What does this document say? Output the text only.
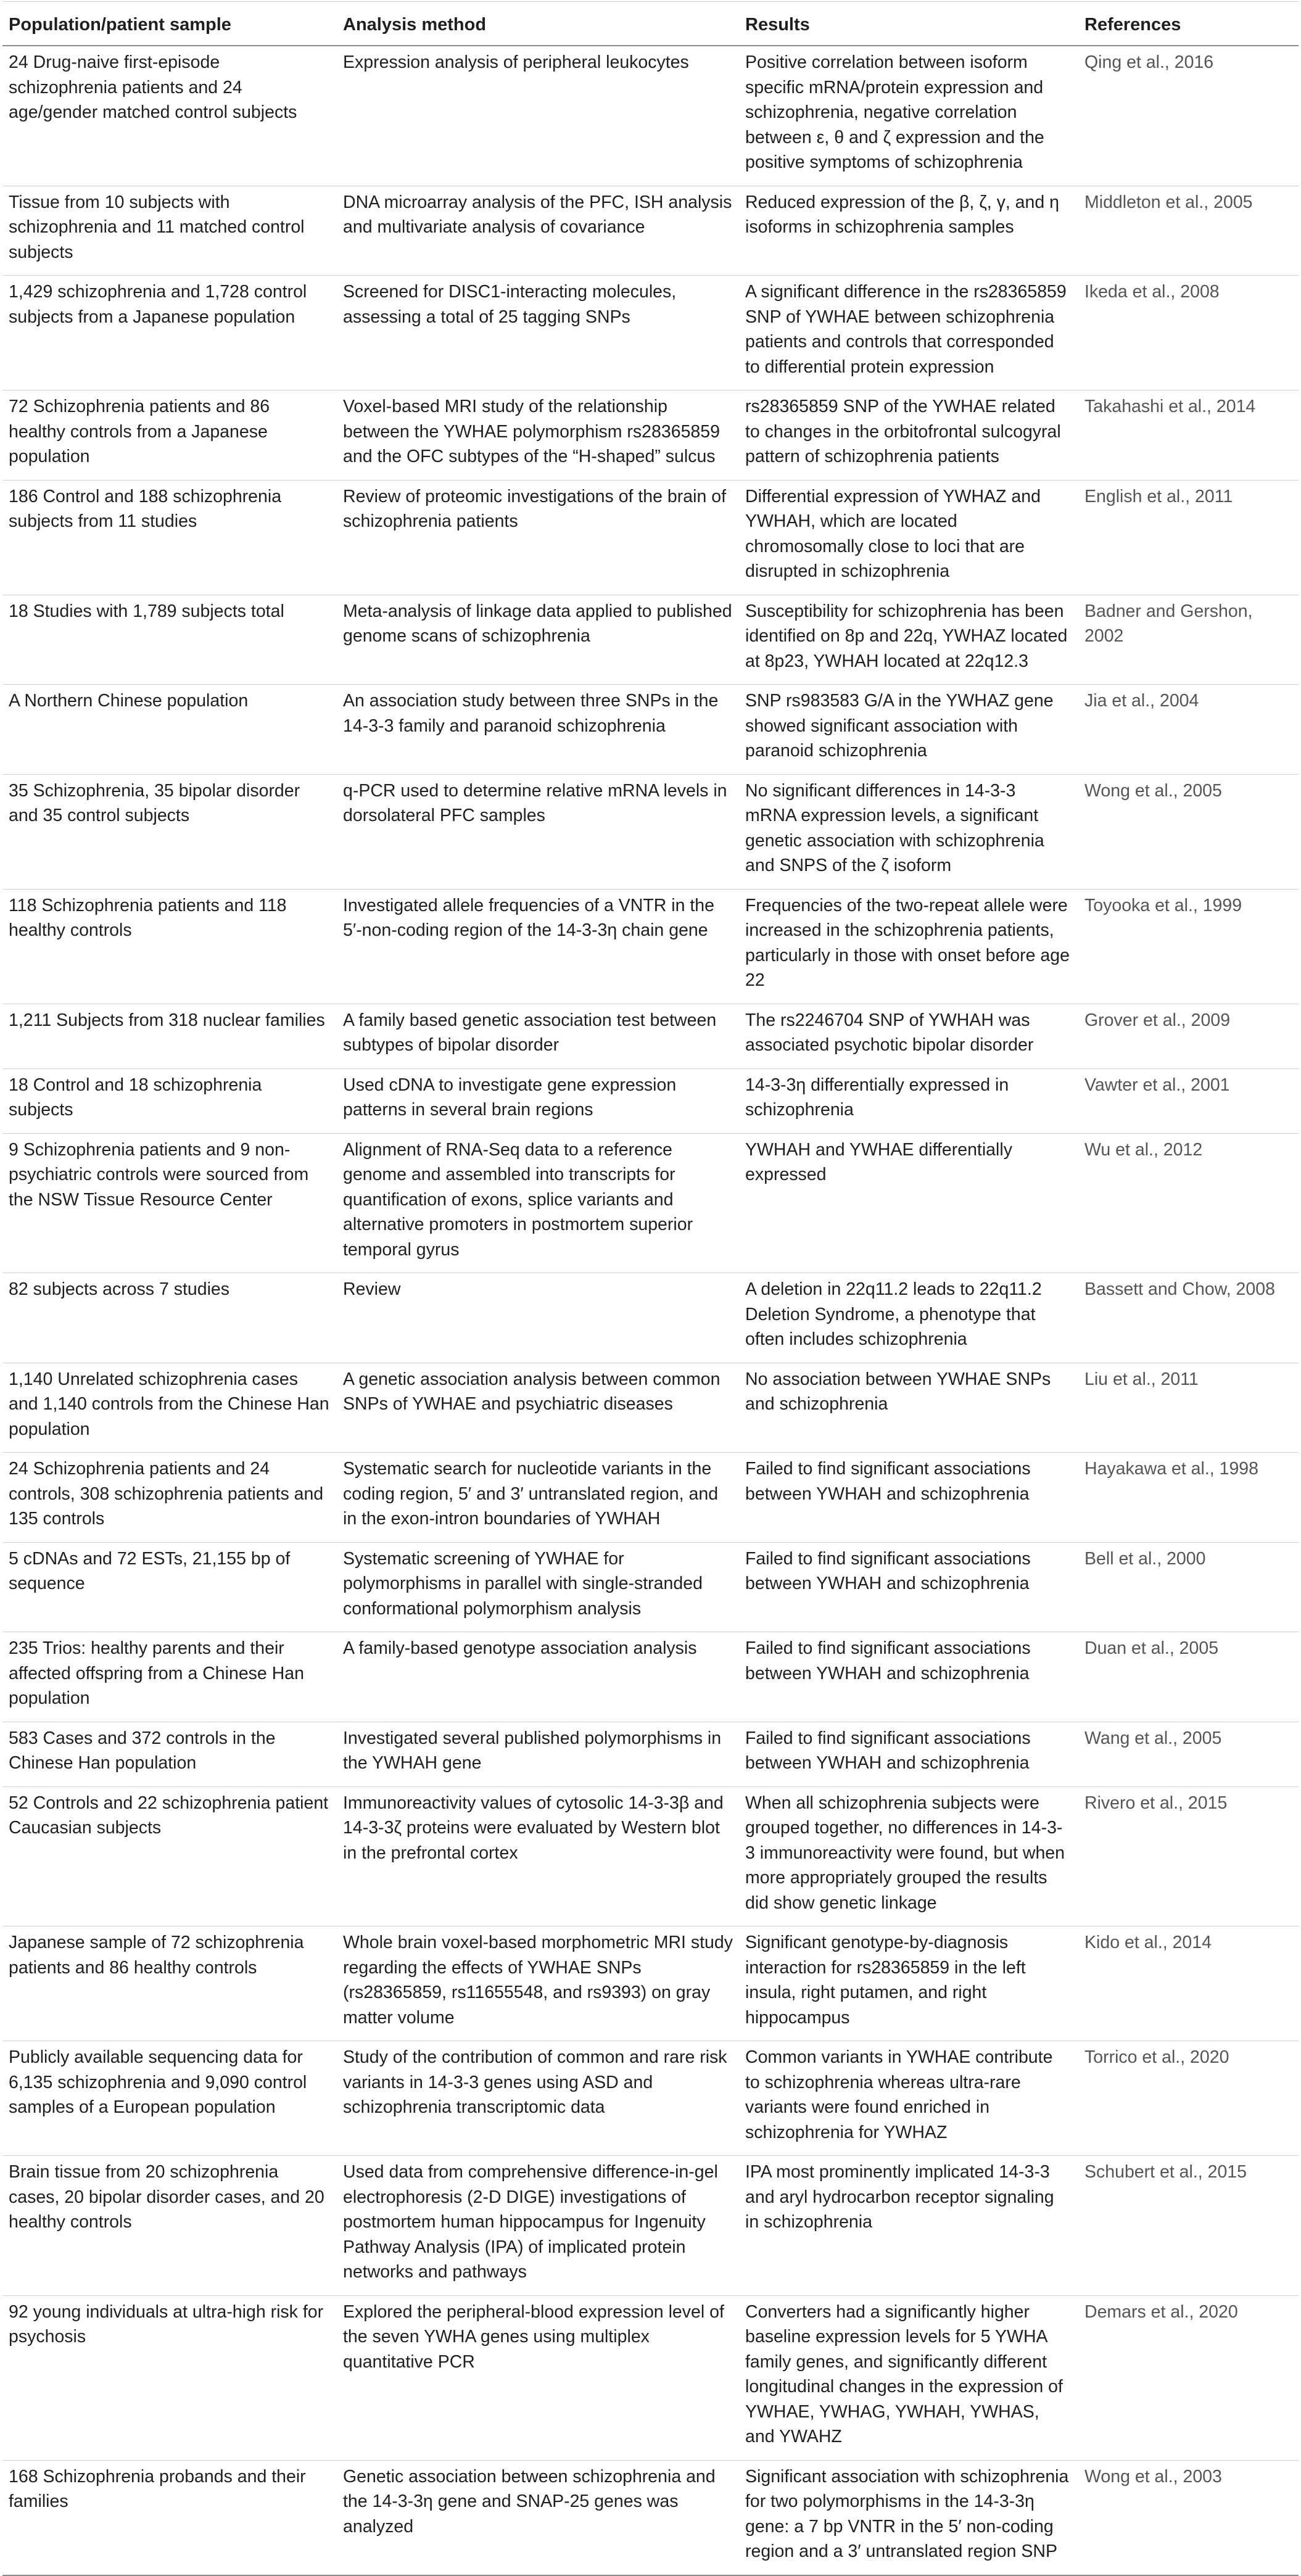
Population/patient sample	Analysis method	Results	References
24 Drug-naive first-episode schizophrenia patients and 24 age/gender matched control subjects	Expression analysis of peripheral leukocytes	Positive correlation between isoform specific mRNA/protein expression and schizophrenia, negative correlation between ε, θ and ζ expression and the positive symptoms of schizophrenia	Qing et al., 2016
Tissue from 10 subjects with schizophrenia and 11 matched control subjects	DNA microarray analysis of the PFC, ISH analysis and multivariate analysis of covariance	Reduced expression of the β, ζ, γ, and η isoforms in schizophrenia samples	Middleton et al., 2005
1,429 schizophrenia and 1,728 control subjects from a Japanese population	Screened for DISC1-interacting molecules, assessing a total of 25 tagging SNPs	A significant difference in the rs28365859 SNP of YWHAE between schizophrenia patients and controls that corresponded to differential protein expression	Ikeda et al., 2008
72 Schizophrenia patients and 86 healthy controls from a Japanese population	Voxel-based MRI study of the relationship between the YWHAE polymorphism rs28365859 and the OFC subtypes of the “H-shaped” sulcus	rs28365859 SNP of the YWHAE related to changes in the orbitofrontal sulcogyral pattern of schizophrenia patients	Takahashi et al., 2014
186 Control and 188 schizophrenia subjects from 11 studies	Review of proteomic investigations of the brain of schizophrenia patients	Differential expression of YWHAZ and YWHAH, which are located chromosomally close to loci that are disrupted in schizophrenia	English et al., 2011
18 Studies with 1,789 subjects total	Meta-analysis of linkage data applied to published genome scans of schizophrenia	Susceptibility for schizophrenia has been identified on 8p and 22q, YWHAZ located at 8p23, YWHAH located at 22q12.3	Badner and Gershon, 2002
A Northern Chinese population	An association study between three SNPs in the 14-3-3 family and paranoid schizophrenia	SNP rs983583 G/A in the YWHAZ gene showed significant association with paranoid schizophrenia	Jia et al., 2004
35 Schizophrenia, 35 bipolar disorder and 35 control subjects	q-PCR used to determine relative mRNA levels in dorsolateral PFC samples	No significant differences in 14-3-3 mRNA expression levels, a significant genetic association with schizophrenia and SNPS of the ζ isoform	Wong et al., 2005
118 Schizophrenia patients and 118 healthy controls	Investigated allele frequencies of a VNTR in the 5′-non-coding region of the 14-3-3η chain gene	Frequencies of the two-repeat allele were increased in the schizophrenia patients, particularly in those with onset before age 22	Toyooka et al., 1999
1,211 Subjects from 318 nuclear families	A family based genetic association test between subtypes of bipolar disorder	The rs2246704 SNP of YWHAH was associated psychotic bipolar disorder	Grover et al., 2009
18 Control and 18 schizophrenia subjects	Used cDNA to investigate gene expression patterns in several brain regions	14-3-3η differentially expressed in schizophrenia	Vawter et al., 2001
9 Schizophrenia patients and 9 non-psychiatric controls were sourced from the NSW Tissue Resource Center	Alignment of RNA-Seq data to a reference genome and assembled into transcripts for quantification of exons, splice variants and alternative promoters in postmortem superior temporal gyrus	YWHAH and YWHAE differentially expressed	Wu et al., 2012
82 subjects across 7 studies	Review	A deletion in 22q11.2 leads to 22q11.2 Deletion Syndrome, a phenotype that often includes schizophrenia	Bassett and Chow, 2008
1,140 Unrelated schizophrenia cases and 1,140 controls from the Chinese Han population	A genetic association analysis between common SNPs of YWHAE and psychiatric diseases	No association between YWHAE SNPs and schizophrenia	Liu et al., 2011
24 Schizophrenia patients and 24 controls, 308 schizophrenia patients and 135 controls	Systematic search for nucleotide variants in the coding region, 5′ and 3′ untranslated region, and in the exon-intron boundaries of YWHAH	Failed to find significant associations between YWHAH and schizophrenia	Hayakawa et al., 1998
5 cDNAs and 72 ESTs, 21,155 bp of sequence	Systematic screening of YWHAE for polymorphisms in parallel with single-stranded conformational polymorphism analysis	Failed to find significant associations between YWHAH and schizophrenia	Bell et al., 2000
235 Trios: healthy parents and their affected offspring from a Chinese Han population	A family-based genotype association analysis	Failed to find significant associations between YWHAH and schizophrenia	Duan et al., 2005
583 Cases and 372 controls in the Chinese Han population	Investigated several published polymorphisms in the YWHAH gene	Failed to find significant associations between YWHAH and schizophrenia	Wang et al., 2005
52 Controls and 22 schizophrenia patient Caucasian subjects	Immunoreactivity values of cytosolic 14-3-3β and 14-3-3ζ proteins were evaluated by Western blot in the prefrontal cortex	When all schizophrenia subjects were grouped together, no differences in 14-3-3 immunoreactivity were found, but when more appropriately grouped the results did show genetic linkage	Rivero et al., 2015
Japanese sample of 72 schizophrenia patients and 86 healthy controls	Whole brain voxel-based morphometric MRI study regarding the effects of YWHAE SNPs (rs28365859, rs11655548, and rs9393) on gray matter volume	Significant genotype-by-diagnosis interaction for rs28365859 in the left insula, right putamen, and right hippocampus	Kido et al., 2014
Publicly available sequencing data for 6,135 schizophrenia and 9,090 control samples of a European population	Study of the contribution of common and rare risk variants in 14-3-3 genes using ASD and schizophrenia transcriptomic data	Common variants in YWHAE contribute to schizophrenia whereas ultra-rare variants were found enriched in schizophrenia for YWHAZ	Torrico et al., 2020
Brain tissue from 20 schizophrenia cases, 20 bipolar disorder cases, and 20 healthy controls	Used data from comprehensive difference-in-gel electrophoresis (2-D DIGE) investigations of postmortem human hippocampus for Ingenuity Pathway Analysis (IPA) of implicated protein networks and pathways	IPA most prominently implicated 14-3-3 and aryl hydrocarbon receptor signaling in schizophrenia	Schubert et al., 2015
92 young individuals at ultra-high risk for psychosis	Explored the peripheral-blood expression level of the seven YWHA genes using multiplex quantitative PCR	Converters had a significantly higher baseline expression levels for 5 YWHA family genes, and significantly different longitudinal changes in the expression of YWHAE, YWHAG, YWHAH, YWHAS, and YWAHZ	Demars et al., 2020
168 Schizophrenia probands and their families	Genetic association between schizophrenia and the 14-3-3η gene and SNAP-25 genes was analyzed	Significant association with schizophrenia for two polymorphisms in the 14-3-3η gene: a 7 bp VNTR in the 5′ non-coding region and a 3′ untranslated region SNP	Wong et al., 2003
